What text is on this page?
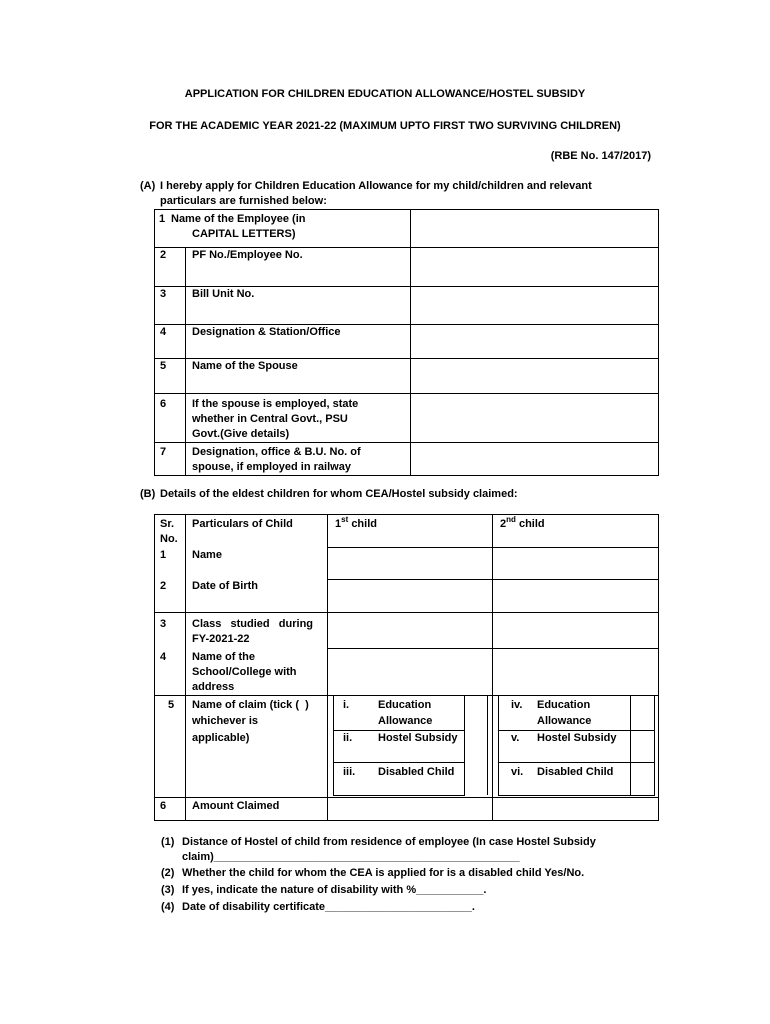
APPLICATION FOR CHILDREN EDUCATION ALLOWANCE/HOSTEL SUBSIDY
FOR THE ACADEMIC YEAR 2021-22 (MAXIMUM UPTO FIRST TWO SURVIVING CHILDREN)
(RBE No. 147/2017)
(A) I hereby apply for Children Education Allowance for my child/children and relevant
particulars are furnished below:
1 Name of the Employee (in
CAPITAL LETTERS)
2 PF No./Employee No.
3 Bill Unit No.
4 Designation & Station/Office
5 Name of the Spouse
6 If the spouse is employed, state
whether in Central Govt., PSU
Govt.(Give details)
7 Designation, office & B.U. No. of
spouse, if employed in railway
(B) Details of the eldest children for whom CEA/Hostel subsidy claimed:
Sr.
No.
Particulars of Child	1st child	2nd child
1 Name
2 Date of Birth
3 Class   studied   during
FY-2021-22
4 Name of the
School/College with
address
5 Name of claim (tick (  )
whichever is
applicable)
i.	Education
Allowance
ii. Hostel Subsidy
iii. Disabled Child
iv. Education
Allowance
v. Hostel Subsidy
vi. Disabled Child
6 Amount Claimed
(1) Distance of Hostel of child from residence of employee (In case Hostel Subsidy
claim)__________________________________________________
(2) Whether the child for whom the CEA is applied for is a disabled child Yes/No.
(3) If yes, indicate the nature of disability with %___________.
(4) Date of disability certificate________________________.
